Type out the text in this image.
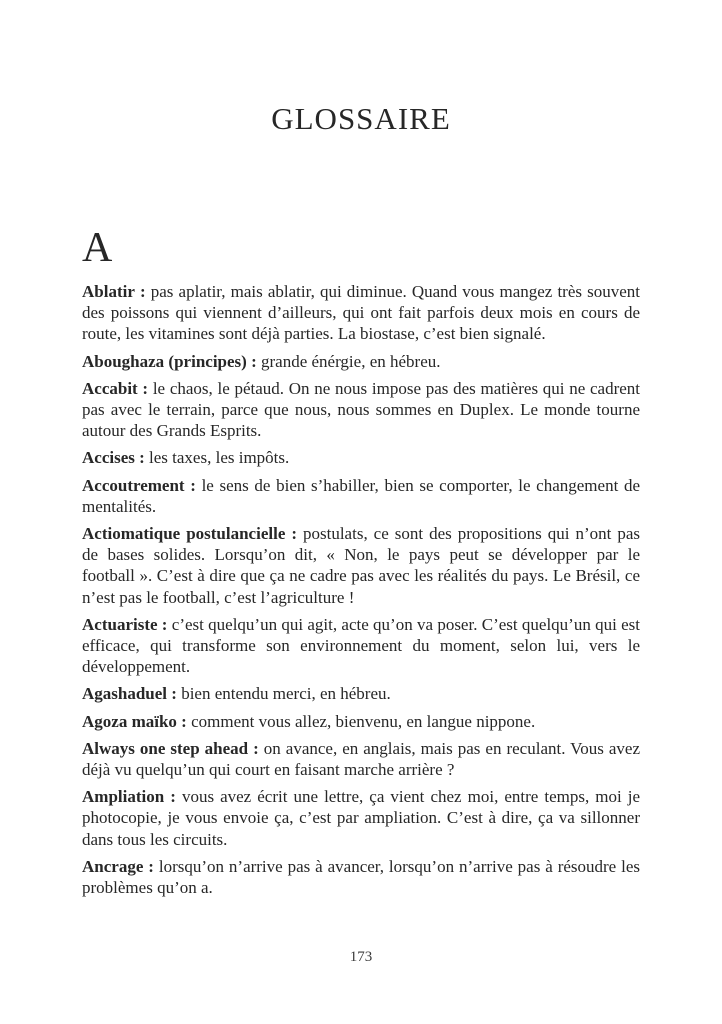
GLOSSAIRE
A

Ablatir : pas aplatir, mais ablatir, qui diminue. Quand vous mangez très souvent des poissons qui viennent d’ailleurs, qui ont fait parfois deux mois en cours de route, les vitamines sont déjà parties. La biostase, c’est bien signalé.

Aboughaza (principes) : grande énérgie, en hébreu.

Accabit : le chaos, le pétaud. On ne nous impose pas des matières qui ne cadrent pas avec le terrain, parce que nous, nous sommes en Duplex. Le monde tourne autour des Grands Esprits.

Accises : les taxes, les impôts.

Accoutrement : le sens de bien s’habiller, bien se comporter, le changement de mentalités.

Actiomatique postulancielle : postulats, ce sont des propositions qui n’ont pas de bases solides. Lorsqu’on dit, « Non, le pays peut se développer par le football ». C’est à dire que ça ne cadre pas avec les réalités du pays. Le Brésil, ce n’est pas le football, c’est l’agriculture !

Actuariste : c’est quelqu’un qui agit, acte qu’on va poser. C’est quelqu’un qui est efficace, qui transforme son environnement du moment, selon lui, vers le développement.

Agashaduel : bien entendu merci, en hébreu.

Agoza maïko : comment vous allez, bienvenu, en langue nippone.

Always one step ahead : on avance, en anglais, mais pas en reculant. Vous avez déjà vu quelqu’un qui court en faisant marche arrière ?

Ampliation : vous avez écrit une lettre, ça vient chez moi, entre temps, moi je photocopie, je vous envoie ça, c’est par ampliation. C’est à dire, ça va sillonner dans tous les circuits.

Ancrage : lorsqu’on n’arrive pas à avancer, lorsqu’on n’arrive pas à résoudre les problèmes qu’on a.

173
